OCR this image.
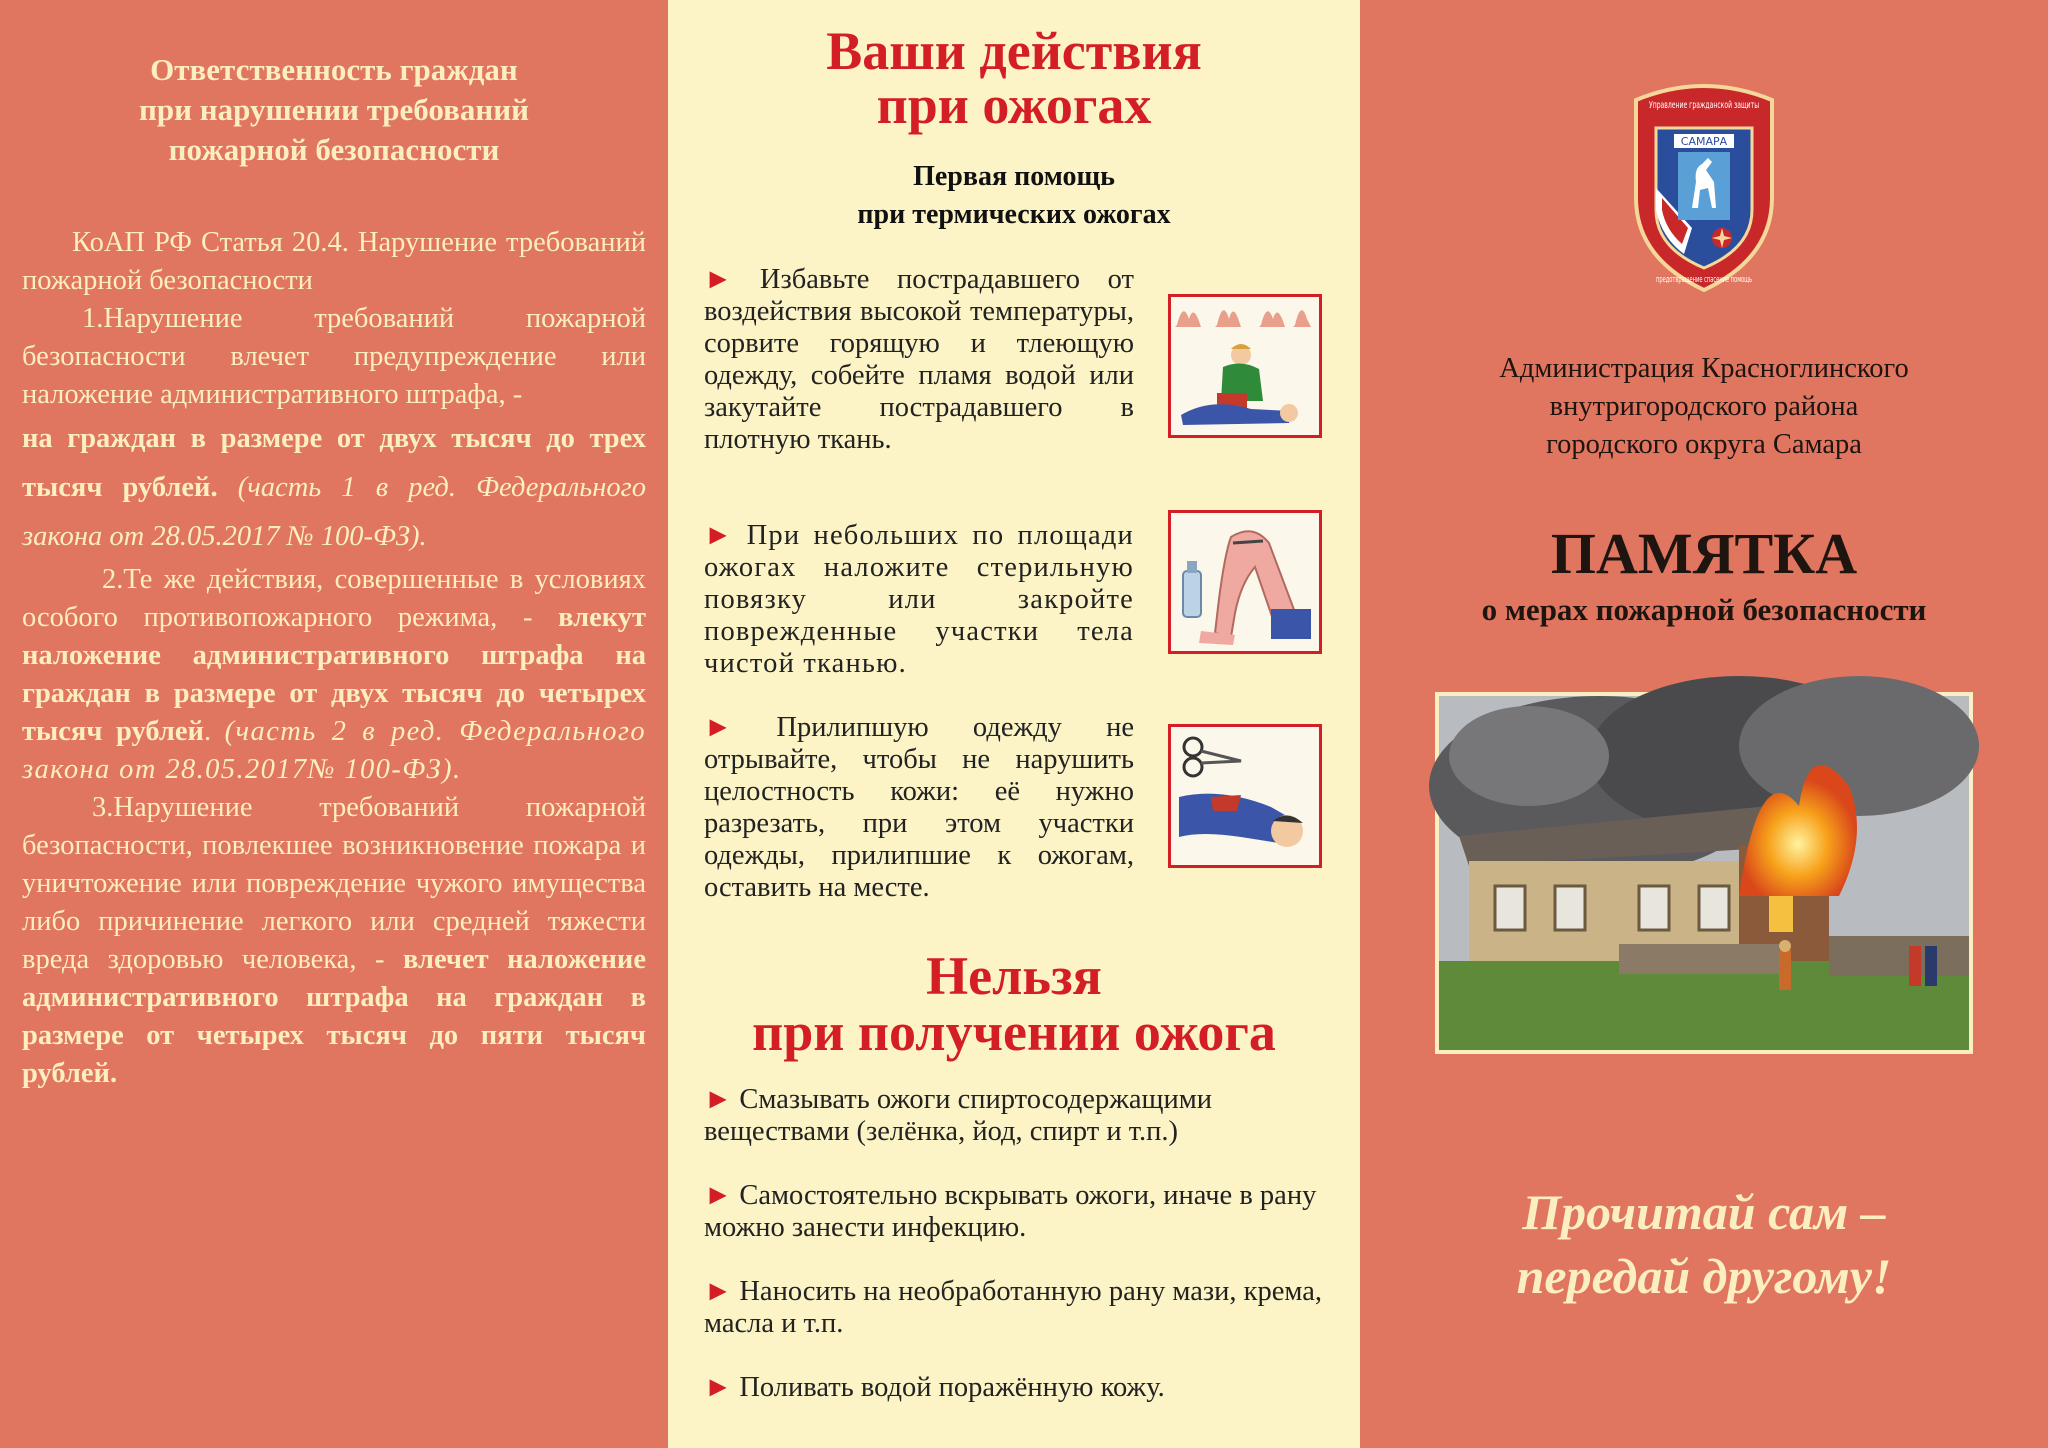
Ответственность граждан
при нарушении требований
пожарной безопасности

КоАП РФ Статья 20.4. Нарушение требований пожарной безопасности

1.Нарушение требований пожарной безопасности влечет предупреждение или наложение административного штрафа, -

на граждан в размере от двух тысяч до трех тысяч рублей. (часть 1 в ред. Федерального закона от 28.05.2017 № 100-ФЗ).

2.Те же действия, совершенные в условиях особого противопожарного режима, - влекут наложение административного штрафа на граждан в размере от двух тысяч до четырех тысяч рублей. (часть 2 в ред. Федерального закона от 28.05.2017№ 100-ФЗ).

3.Нарушение требований пожарной безопасности, повлекшее возникновение пожара и уничтожение или повреждение чужого имущества либо причинение легкого или средней тяжести вреда здоровью человека, - влечет наложение административного штрафа на граждан в размере от четырех тысяч до пяти тысяч рублей.

Ваши действия
при ожогах
Первая помощь
при термических ожогах
► Избавьте пострадавшего от воздействия высокой температуры, сорвите горящую и тлеющую одежду, собейте пламя водой или закутайте пострадавшего в плотную ткань.
► При небольших по площади ожогах наложите стерильную повязку или закройте поврежденные участки тела чистой тканью.
► Прилипшую одежду не отрывайте, чтобы не нарушить целостность кожи: её нужно разрезать, при этом участки одежды, прилипшие к ожогам, оставить на месте.
Нельзя
при получении ожога

► Смазывать ожоги спиртосодержащими веществами (зелёнка, йод, спирт и т.п.)

► Самостоятельно вскрывать ожоги, иначе в рану можно занести инфекцию.

► Наносить на необработанную рану мази, крема, масла и т.п.

► Поливать водой поражённую кожу.

САМАРА
Управление гражданской защиты
предотвращение спасение помощь
Администрация Красноглинского
внутригородского района
городского округа Самара
ПАМЯТКА
о мерах пожарной безопасности
Прочитай сам –
передай другому!
